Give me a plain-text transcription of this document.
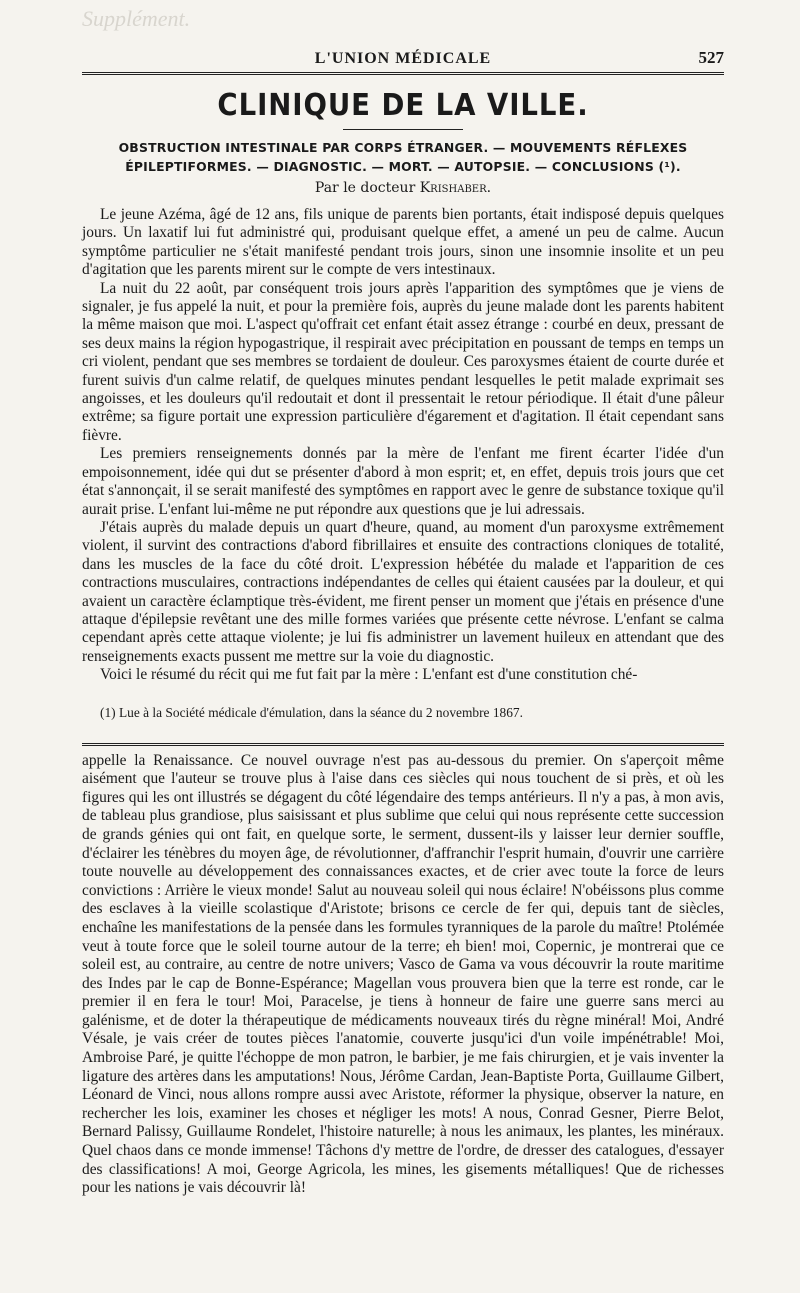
Supplément.
L'UNION MÉDICALE	527
CLINIQUE DE LA VILLE.
OBSTRUCTION INTESTINALE PAR CORPS ÉTRANGER. — MOUVEMENTS RÉFLEXES ÉPILEPTIFORMES. — DIAGNOSTIC. — MORT. — AUTOPSIE. — CONCLUSIONS (¹).
Par le docteur Krishaber.

Le jeune Azéma, âgé de 12 ans, fils unique de parents bien portants, était indisposé depuis quelques jours. Un laxatif lui fut administré qui, produisant quelque effet, a amené un peu de calme. Aucun symptôme particulier ne s'était manifesté pendant trois jours, sinon une insomnie insolite et un peu d'agitation que les parents mirent sur le compte de vers intestinaux.

La nuit du 22 août, par conséquent trois jours après l'apparition des symptômes que je viens de signaler, je fus appelé la nuit, et pour la première fois, auprès du jeune malade dont les parents habitent la même maison que moi. L'aspect qu'offrait cet enfant était assez étrange : courbé en deux, pressant de ses deux mains la région hypogastrique, il respirait avec précipitation en poussant de temps en temps un cri violent, pendant que ses membres se tordaient de douleur. Ces paroxysmes étaient de courte durée et furent suivis d'un calme relatif, de quelques minutes pendant lesquelles le petit malade exprimait ses angoisses, et les douleurs qu'il redoutait et dont il pressentait le retour périodique. Il était d'une pâleur extrême; sa figure portait une expression particulière d'égarement et d'agitation. Il était cependant sans fièvre.

Les premiers renseignements donnés par la mère de l'enfant me firent écarter l'idée d'un empoisonnement, idée qui dut se présenter d'abord à mon esprit; et, en effet, depuis trois jours que cet état s'annonçait, il se serait manifesté des symptômes en rapport avec le genre de substance toxique qu'il aurait prise. L'enfant lui-même ne put répondre aux questions que je lui adressais.

J'étais auprès du malade depuis un quart d'heure, quand, au moment d'un paroxysme extrêmement violent, il survint des contractions d'abord fibrillaires et ensuite des contractions cloniques de totalité, dans les muscles de la face du côté droit. L'expression hébétée du malade et l'apparition de ces contractions musculaires, contractions indépendantes de celles qui étaient causées par la douleur, et qui avaient un caractère éclamptique très-évident, me firent penser un moment que j'étais en présence d'une attaque d'épilepsie revêtant une des mille formes variées que présente cette névrose. L'enfant se calma cependant après cette attaque violente; je lui fis administrer un lavement huileux en attendant que des renseignements exacts pussent me mettre sur la voie du diagnostic.

Voici le résumé du récit qui me fut fait par la mère : L'enfant est d'une constitution ché-

(1) Lue à la Société médicale d'émulation, dans la séance du 2 novembre 1867.

appelle la Renaissance. Ce nouvel ouvrage n'est pas au-dessous du premier. On s'aperçoit même aisément que l'auteur se trouve plus à l'aise dans ces siècles qui nous touchent de si près, et où les figures qui les ont illustrés se dégagent du côté légendaire des temps antérieurs. Il n'y a pas, à mon avis, de tableau plus grandiose, plus saisissant et plus sublime que celui qui nous représente cette succession de grands génies qui ont fait, en quelque sorte, le serment, dussent-ils y laisser leur dernier souffle, d'éclairer les ténèbres du moyen âge, de révolutionner, d'affranchir l'esprit humain, d'ouvrir une carrière toute nouvelle au développement des connaissances exactes, et de crier avec toute la force de leurs convictions : Arrière le vieux monde! Salut au nouveau soleil qui nous éclaire! N'obéissons plus comme des esclaves à la vieille scolastique d'Aristote; brisons ce cercle de fer qui, depuis tant de siècles, enchaîne les manifestations de la pensée dans les formules tyranniques de la parole du maître! Ptolémée veut à toute force que le soleil tourne autour de la terre; eh bien! moi, Copernic, je montrerai que ce soleil est, au contraire, au centre de notre univers; Vasco de Gama va vous découvrir la route maritime des Indes par le cap de Bonne-Espérance; Magellan vous prouvera bien que la terre est ronde, car le premier il en fera le tour! Moi, Paracelse, je tiens à honneur de faire une guerre sans merci au galénisme, et de doter la thérapeutique de médicaments nouveaux tirés du règne minéral! Moi, André Vésale, je vais créer de toutes pièces l'anatomie, couverte jusqu'ici d'un voile impénétrable! Moi, Ambroise Paré, je quitte l'échoppe de mon patron, le barbier, je me fais chirurgien, et je vais inventer la ligature des artères dans les amputations! Nous, Jérôme Cardan, Jean-Baptiste Porta, Guillaume Gilbert, Léonard de Vinci, nous allons rompre aussi avec Aristote, réformer la physique, observer la nature, en rechercher les lois, examiner les choses et négliger les mots! A nous, Conrad Gesner, Pierre Belot, Bernard Palissy, Guillaume Rondelet, l'histoire naturelle; à nous les animaux, les plantes, les minéraux. Quel chaos dans ce monde immense! Tâchons d'y mettre de l'ordre, de dresser des catalogues, d'essayer des classifications! A moi, George Agricola, les mines, les gisements métalliques! Que de richesses pour les nations je vais découvrir là!
